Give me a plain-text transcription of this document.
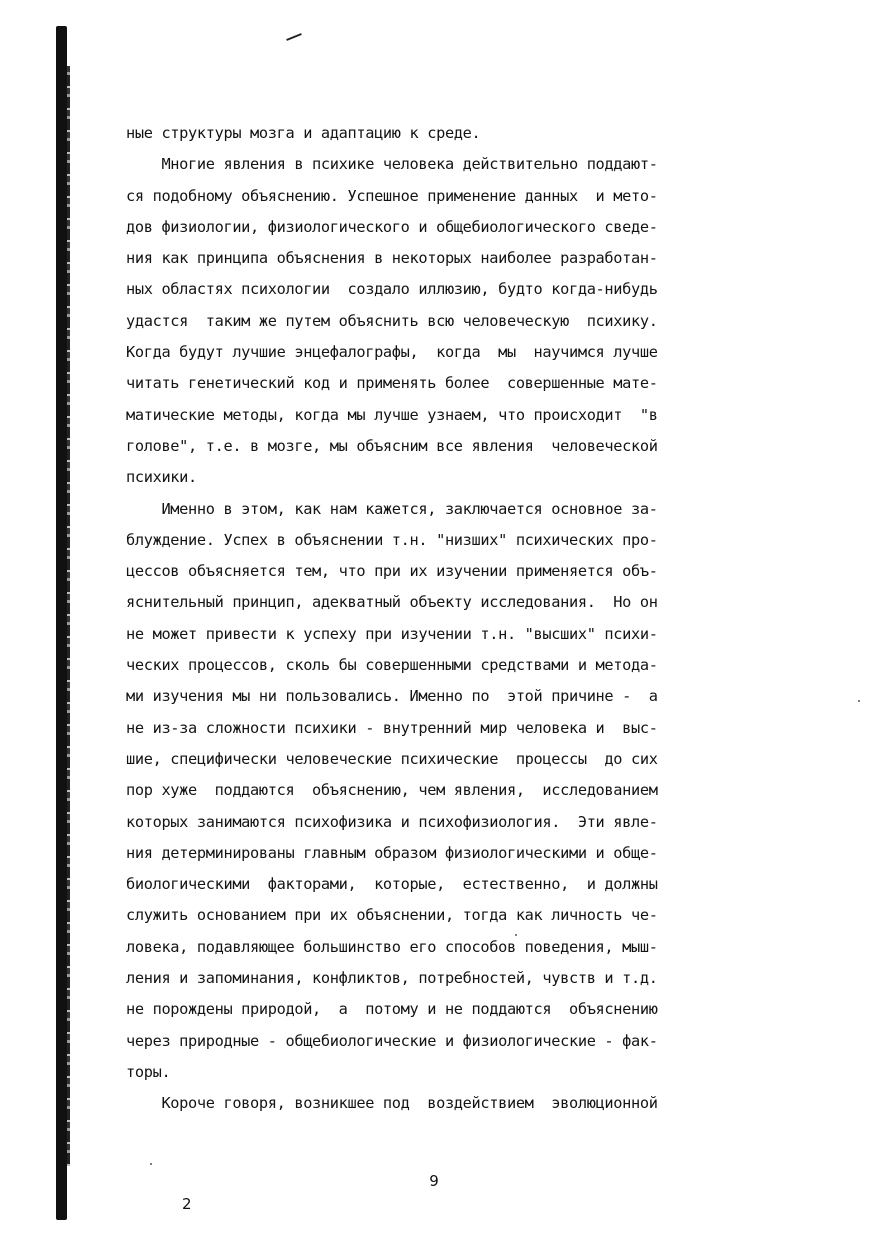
ные структуры мозга и адаптацию к среде.

Многие явления в психике человека действительно поддают-

ся подобному объяснению. Успешное применение данных  и мето-

дов физиологии, физиологического и общебиологического сведе-

ния как принципа объяснения в некоторых наиболее разработан-

ных областях психологии  создало иллюзию, будто когда-нибудь

удастся  таким же путем объяснить всю человеческую  психику.

Когда будут лучшие энцефалографы,  когда  мы  научимся лучше

читать генетический код и применять более  совершенные мате-

матические методы, когда мы лучше узнаем, что происходит  "в

голове", т.е. в мозге, мы объясним все явления  человеческой

психики.

Именно в этом, как нам кажется, заключается основное за-

блуждение. Успех в объяснении т.н. "низших" психических про-

цессов объясняется тем, что при их изучении применяется объ-

яснительный принцип, адекватный объекту исследования.  Но он

не может привести к успеху при изучении т.н. "высших" психи-

ческих процессов, сколь бы совершенными средствами и метода-

ми изучения мы ни пользовались. Именно по  этой причине -  а

не из-за сложности психики - внутренний мир человека и  выс-

шие, специфически человеческие психические  процессы  до сих

пор хуже  поддаются  объяснению, чем явления,  исследованием

которых занимаются психофизика и психофизиология.  Эти явле-

ния детерминированы главным образом физиологическими и обще-

биологическими  факторами,  которые,  естественно,  и должны

служить основанием при их объяснении, тогда как личность че-

ловека, подавляющее большинство его способов поведения, мыш-

ления и запоминания, конфликтов, потребностей, чувств и т.д.

не порождены природой,  а  потому и не поддаются  объяснению

через природные - общебиологические и физиологические - фак-

торы.

Короче говоря, возникшее под  воздействием  эволюционной

9
2
